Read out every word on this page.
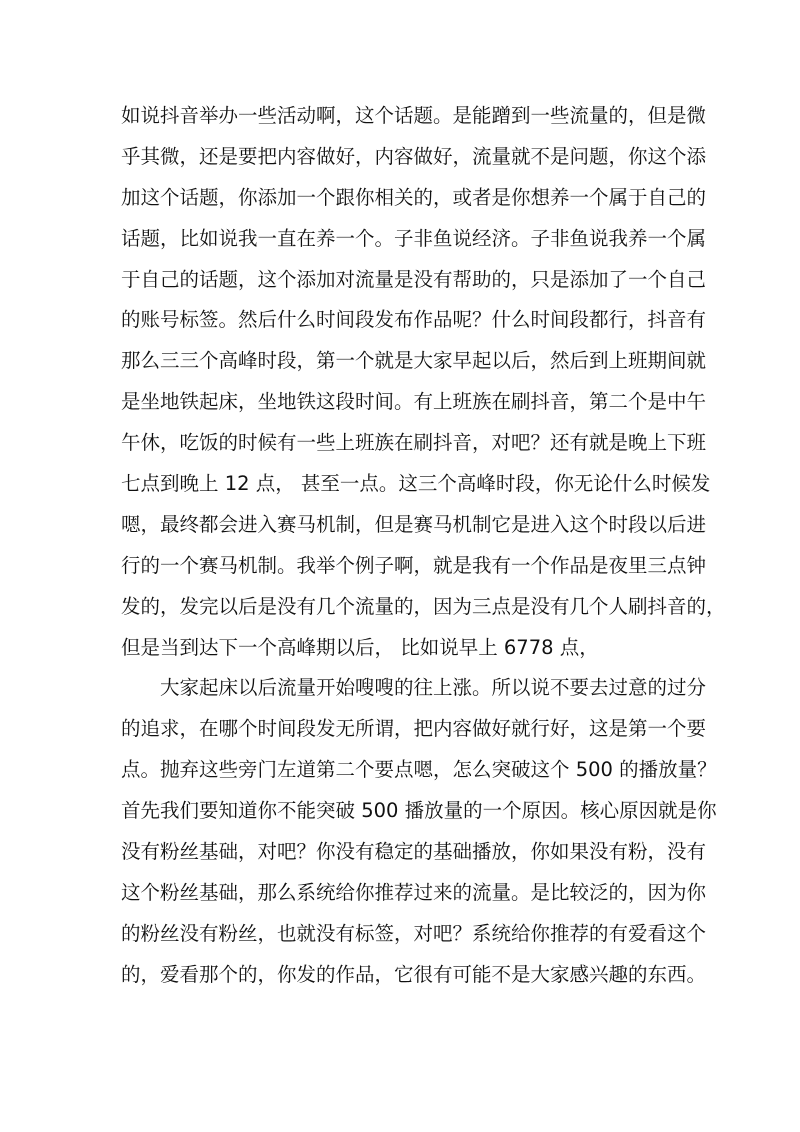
如说抖音举办一些活动啊，这个话题。是能蹭到一些流量的，但是微
乎其微，还是要把内容做好，内容做好，流量就不是问题，你这个添
加这个话题，你添加一个跟你相关的，或者是你想养一个属于自己的
话题，比如说我一直在养一个。子非鱼说经济。子非鱼说我养一个属
于自己的话题，这个添加对流量是没有帮助的，只是添加了一个自己
的账号标签。然后什么时间段发布作品呢？什么时间段都行，抖音有
那么三三个高峰时段，第一个就是大家早起以后，然后到上班期间就
是坐地铁起床，坐地铁这段时间。有上班族在刷抖音，第二个是中午
午休，吃饭的时候有一些上班族在刷抖音，对吧？还有就是晚上下班
七点到晚上 12 点， 甚至一点。这三个高峰时段，你无论什么时候发
嗯，最终都会进入赛马机制，但是赛马机制它是进入这个时段以后进
行的一个赛马机制。我举个例子啊，就是我有一个作品是夜里三点钟
发的，发完以后是没有几个流量的，因为三点是没有几个人刷抖音的，
但是当到达下一个高峰期以后， 比如说早上 6778 点，
大家起床以后流量开始嗖嗖的往上涨。所以说不要去过意的过分
的追求，在哪个时间段发无所谓，把内容做好就行好，这是第一个要
点。抛弃这些旁门左道第二个要点嗯，怎么突破这个 500 的播放量？
首先我们要知道你不能突破 500 播放量的一个原因。核心原因就是你
没有粉丝基础，对吧？你没有稳定的基础播放，你如果没有粉，没有
这个粉丝基础，那么系统给你推荐过来的流量。是比较泛的，因为你
的粉丝没有粉丝，也就没有标签，对吧？系统给你推荐的有爱看这个
的，爱看那个的，你发的作品，它很有可能不是大家感兴趣的东西。
